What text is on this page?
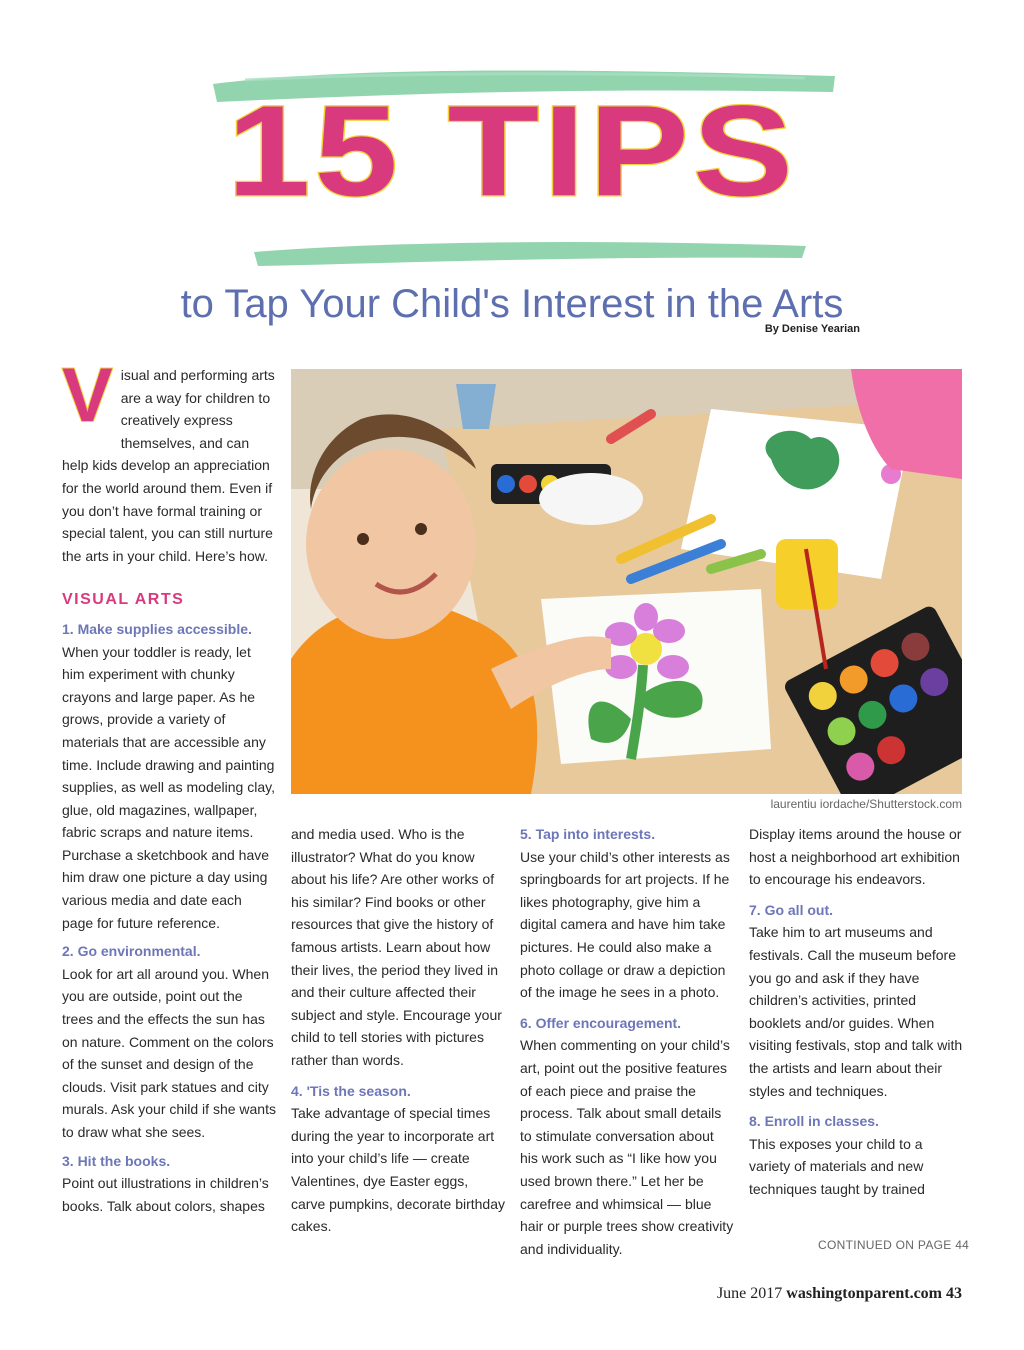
15 TIPS
to Tap Your Child's Interest in the Arts
By Denise Yearian

Visual and performing arts are a way for children to creatively express themselves, and can help kids develop an appreciation for the world around them. Even if you don’t have formal training or special talent, you can still nurture the arts in your child. Here’s how.

VISUAL ARTS

1. Make supplies accessible.

When your toddler is ready, let him experiment with chunky crayons and large paper. As he grows, provide a variety of materials that are accessible any time. Include drawing and painting supplies, as well as modeling clay, glue, old magazines, wallpaper, fabric scraps and nature items. Purchase a sketchbook and have him draw one picture a day using various media and date each page for future reference.

2. Go environmental.

Look for art all around you. When you are outside, point out the trees and the effects the sun has on nature. Comment on the colors of the sunset and design of the clouds. Visit park statues and city murals. Ask your child if she wants to draw what she sees.

3. Hit the books.

Point out illustrations in children’s books. Talk about colors, shapes

laurentiu iordache/Shutterstock.com

and media used. Who is the illustrator? What do you know about his life? Are other works of his similar? Find books or other resources that give the history of famous artists. Learn about how their lives, the period they lived in and their culture affected their subject and style. Encourage your child to tell stories with pictures rather than words.

4. 'Tis the season.

Take advantage of special times during the year to incorporate art into your child’s life — create Valentines, dye Easter eggs, carve pumpkins, decorate birthday cakes.

5. Tap into interests.

Use your child’s other interests as springboards for art projects. If he likes photography, give him a digital camera and have him take pictures. He could also make a photo collage or draw a depiction of the image he sees in a photo.

6. Offer encouragement.

When commenting on your child’s art, point out the positive features of each piece and praise the process. Talk about small details to stimulate conversation about his work such as “I like how you used brown there.” Let her be carefree and whimsical — blue hair or purple trees show creativity and individuality.

Display items around the house or host a neighborhood art exhibition to encourage his endeavors.

7. Go all out.

Take him to art museums and festivals. Call the museum before you go and ask if they have children’s activities, printed booklets and/or guides. When visiting festivals, stop and talk with the artists and learn about their styles and techniques.

8. Enroll in classes.

This exposes your child to a variety of materials and new techniques taught by trained

CONTINUED ON PAGE 44
June 2017 washingtonparent.com 43
